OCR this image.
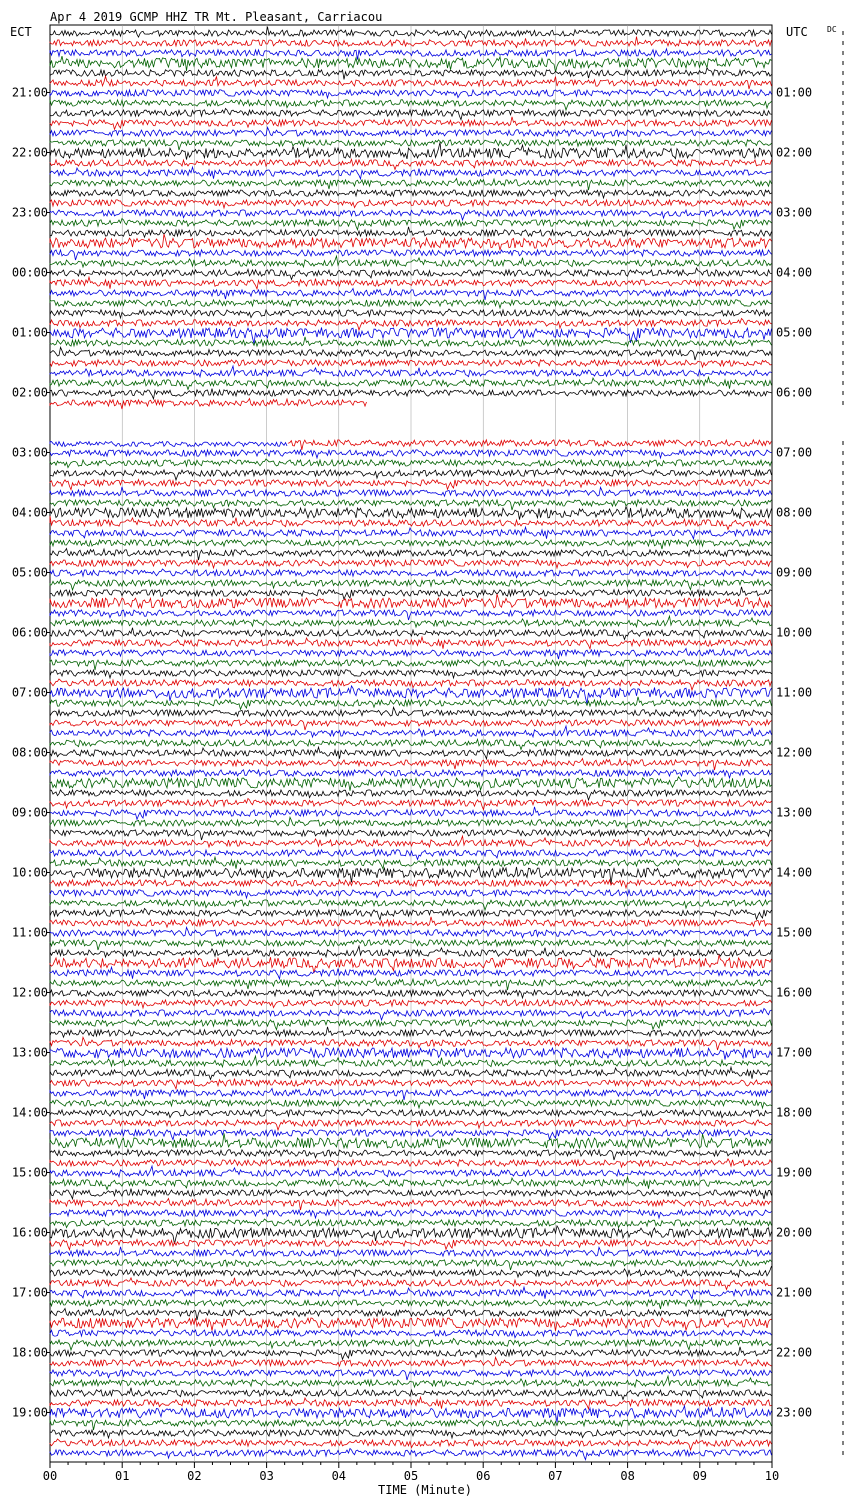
Apr 4 2019 GCMP HHZ TR Mt. Pleasant, Carriacou
ECT	UTC DC
21:00
22:00
23:00
00:00
01:00
02:00
03:00
04:00
05:00
06:00
07:00
08:00
09:00
10:00
11:00
12:00
13:00
14:00
15:00
16:00
17:00
18:00
19:00
01:00
02:00
03:00
04:00
05:00
06:00
07:00
08:00
09:00
10:00
11:00
12:00
13:00
14:00
15:00
16:00
17:00
18:00
19:00
20:00
21:00
22:00
23:00
00	01	02	03	04	05	06	07	08	09	10
TIME (Minute)
